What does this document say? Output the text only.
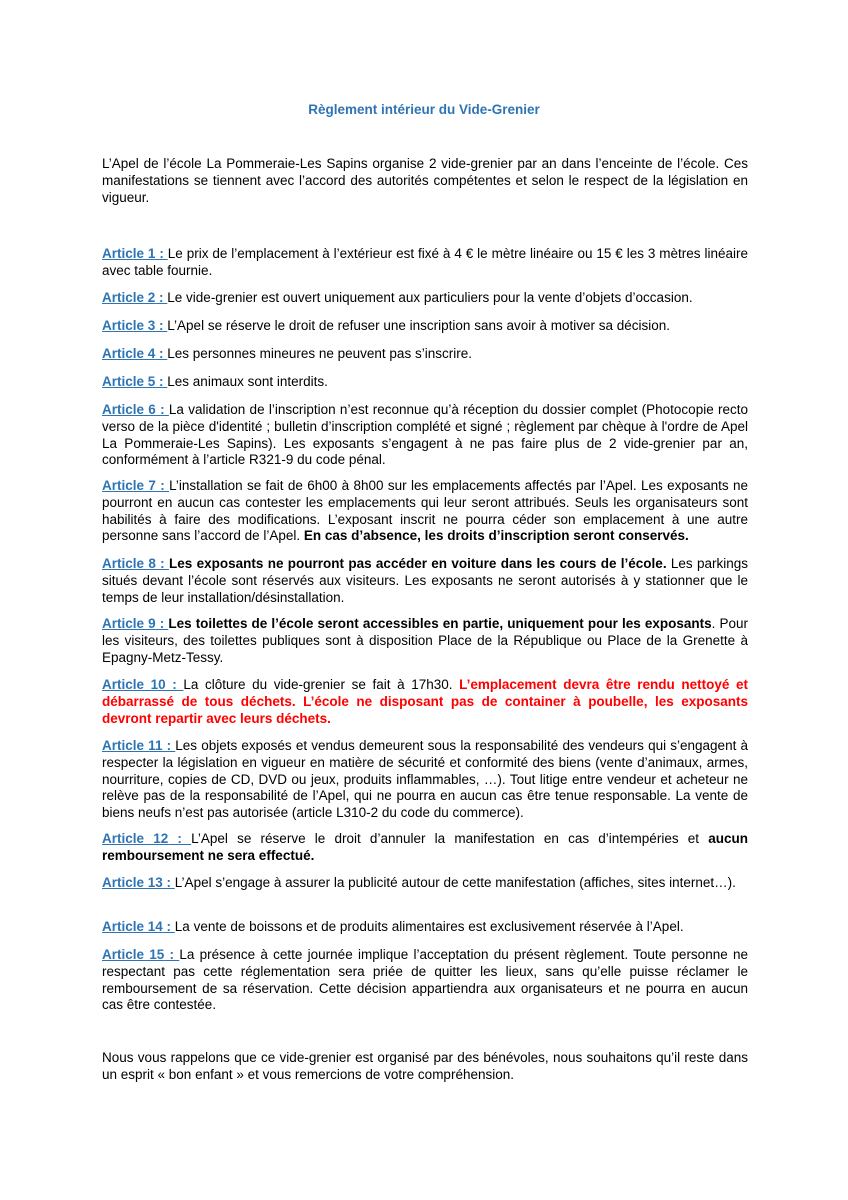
Règlement intérieur du Vide-Grenier

L’Apel de l’école La Pommeraie-Les Sapins organise 2 vide-grenier par an dans l’enceinte de l’école. Ces manifestations se tiennent avec l’accord des autorités compétentes et selon le respect de la législation en vigueur.

Article 1 : Le prix de l’emplacement à l’extérieur est fixé à 4 € le mètre linéaire ou 15 € les 3 mètres linéaire avec table fournie.

Article 2 : Le vide-grenier est ouvert uniquement aux particuliers pour la vente d’objets d’occasion.

Article 3 : L’Apel se réserve le droit de refuser une inscription sans avoir à motiver sa décision.

Article 4 : Les personnes mineures ne peuvent pas s’inscrire.

Article 5 : Les animaux sont interdits.

Article 6 : La validation de l’inscription n’est reconnue qu’à réception du dossier complet (Photocopie recto verso de la pièce d'identité ; bulletin d’inscription complété et signé ; règlement par chèque à l'ordre de Apel La Pommeraie-Les Sapins). Les exposants s’engagent à ne pas faire plus de 2 vide-grenier par an, conformément à l’article R321-9 du code pénal.

Article 7 : L’installation se fait de 6h00 à 8h00 sur les emplacements affectés par l’Apel. Les exposants ne pourront en aucun cas contester les emplacements qui leur seront attribués. Seuls les organisateurs sont habilités à faire des modifications. L’exposant inscrit ne pourra céder son emplacement à une autre personne sans l’accord de l’Apel. En cas d’absence, les droits d’inscription seront conservés.

Article 8 : Les exposants ne pourront pas accéder en voiture dans les cours de l’école. Les parkings situés devant l’école sont réservés aux visiteurs. Les exposants ne seront autorisés à y stationner que le temps de leur installation/désinstallation.

Article 9 : Les toilettes de l’école seront accessibles en partie, uniquement pour les exposants. Pour les visiteurs, des toilettes publiques sont à disposition Place de la République ou Place de la Grenette à Epagny-Metz-Tessy.

Article 10 : La clôture du vide-grenier se fait à 17h30. L’emplacement devra être rendu nettoyé et débarrassé de tous déchets. L’école ne disposant pas de container à poubelle, les exposants devront repartir avec leurs déchets.

Article 11 : Les objets exposés et vendus demeurent sous la responsabilité des vendeurs qui s’engagent à respecter la législation en vigueur en matière de sécurité et conformité des biens (vente d’animaux, armes, nourriture, copies de CD, DVD ou jeux, produits inflammables, …). Tout litige entre vendeur et acheteur ne relève pas de la responsabilité de l’Apel, qui ne pourra en aucun cas être tenue responsable. La vente de biens neufs n’est pas autorisée (article L310-2 du code du commerce).

Article 12 : L’Apel se réserve le droit d’annuler la manifestation en cas d’intempéries et aucun remboursement ne sera effectué.

Article 13 : L’Apel s’engage à assurer la publicité autour de cette manifestation (affiches, sites internet…).

Article 14 : La vente de boissons et de produits alimentaires est exclusivement réservée à l’Apel.

Article 15 : La présence à cette journée implique l’acceptation du présent règlement. Toute personne ne respectant pas cette réglementation sera priée de quitter les lieux, sans qu’elle puisse réclamer le remboursement de sa réservation. Cette décision appartiendra aux organisateurs et ne pourra en aucun cas être contestée.

Nous vous rappelons que ce vide-grenier est organisé par des bénévoles, nous souhaitons qu’il reste dans un esprit « bon enfant » et vous remercions de votre compréhension.
